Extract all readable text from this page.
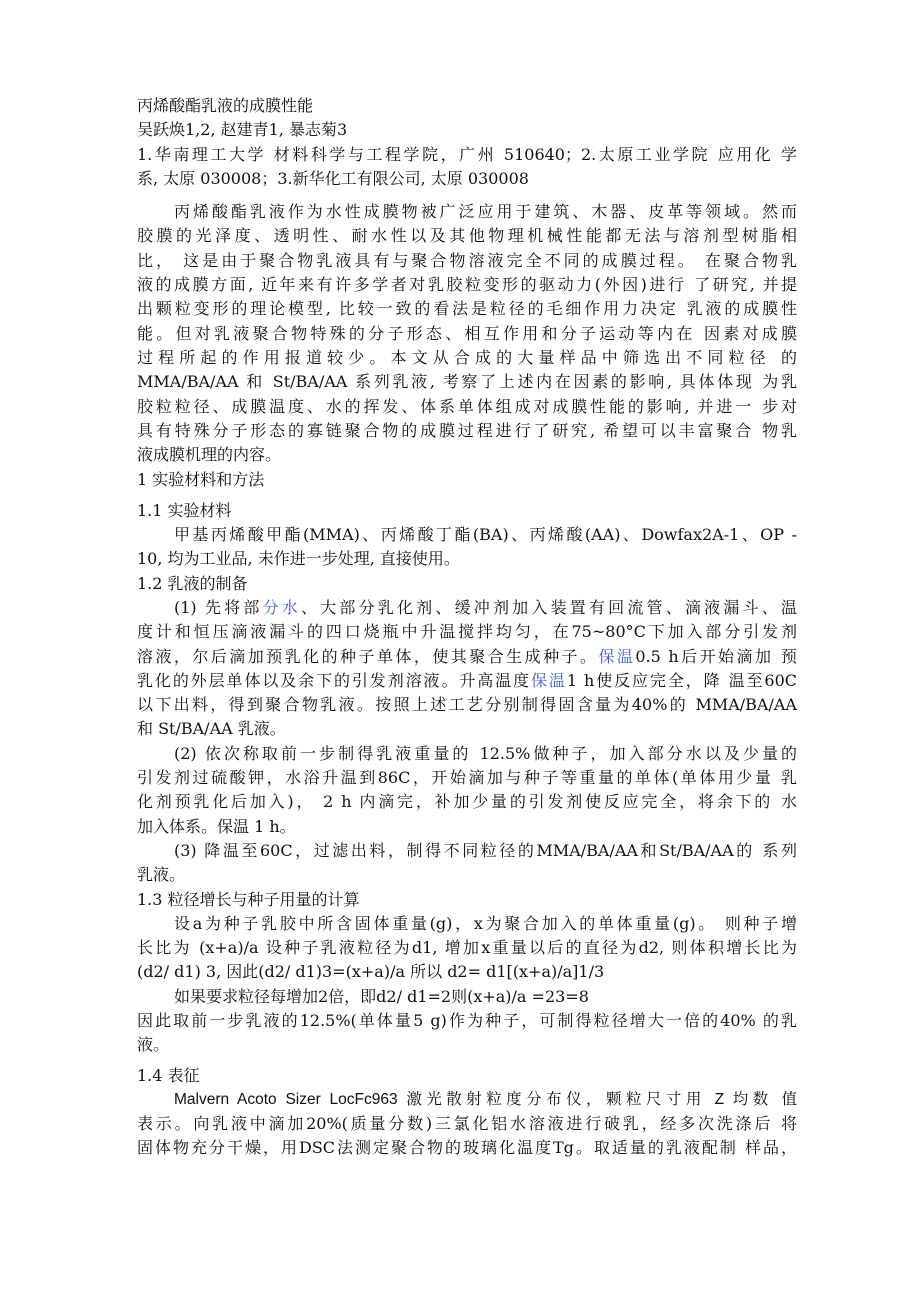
丙烯酸酯乳液的成膜性能

吴跃焕1,2, 赵建青1, 暴志菊3

1.华南理工大学 材料科学与工程学院，广州 510640；2.太原工业学院 应用化 学

系, 太原 030008；3.新华化工有限公司, 太原 030008

丙烯酸酯乳液作为水性成膜物被广泛应用于建筑、木器、皮革等领域。然而

胶膜的光泽度、透明性、耐水性以及其他物理机械性能都无法与溶剂型树脂相

比， 这是由于聚合物乳液具有与聚合物溶液完全不同的成膜过程。 在聚合物乳

液的成膜方面, 近年来有许多学者对乳胶粒变形的驱动力(外因)进行 了研究, 并提

出颗粒变形的理论模型, 比较一致的看法是粒径的毛细作用力决定 乳液的成膜性

能。但对乳液聚合物特殊的分子形态、相互作用和分子运动等内在 因素对成膜

过程所起的作用报道较少。本文从合成的大量样品中筛选出不同粒径 的

MMA/BA/AA 和 St/BA/AA 系列乳液, 考察了上述内在因素的影响, 具体体现 为乳

胶粒粒径、成膜温度、水的挥发、体系单体组成对成膜性能的影响, 并进一 步对

具有特殊分子形态的寡链聚合物的成膜过程进行了研究, 希望可以丰富聚合 物乳

液成膜机理的内容。

1 实验材料和方法

1.1 实验材料

甲基丙烯酸甲酯(MMA)、丙烯酸丁酯(BA)、丙烯酸(AA)、Dowfax2A-1、OP -

10, 均为工业品, 未作进一步处理, 直接使用。

1.2 乳液的制备

(1) 先将部分水、大部分乳化剂、缓冲剂加入装置有回流管、滴液漏斗、温

度计和恒压滴液漏斗的四口烧瓶中升温搅拌均匀，在75~80°C下加入部分引发剂

溶液，尔后滴加预乳化的种子单体，使其聚合生成种子。保温0.5 h后开始滴加 预

乳化的外层单体以及余下的引发剂溶液。升高温度保温1 h使反应完全，降 温至60C

以下出料，得到聚合物乳液。按照上述工艺分别制得固含量为40%的 MMA/BA/AA

和 St/BA/AA 乳液。

(2) 依次称取前一步制得乳液重量的 12.5%做种子，加入部分水以及少量的

引发剂过硫酸钾，水浴升温到86C，开始滴加与种子等重量的单体(单体用少量 乳

化剂预乳化后加入)， 2 h 内滴完，补加少量的引发剂使反应完全，将余下的 水

加入体系。保温 1 h。

(3) 降温至60C，过滤出料，制得不同粒径的MMA/BA/AA和St/BA/AA的 系列

乳液。

1.3 粒径增长与种子用量的计算

设a为种子乳胶中所含固体重量(g)，x为聚合加入的单体重量(g)。 则种子增

长比为 (x+a)/a 设种子乳液粒径为d1, 增加x重量以后的直径为d2, 则体积增长比为

(d2/ d1) 3, 因此(d2/ d1)3=(x+a)/a 所以 d2= d1[(x+a)/a]1/3

如果要求粒径每增加2倍，即d2/ d1=2则(x+a)/a =23=8

因此取前一步乳液的12.5%(单体量5 g)作为种子，可制得粒径增大一倍的40% 的乳

液。

1.4 表征

Malvern Acoto Sizer LocFc963 激光散射粒度分布仪，颗粒尺寸用 Z 均数 值

表示。向乳液中滴加20%(质量分数)三氯化铝水溶液进行破乳，经多次洗涤后 将

固体物充分干燥，用DSC法测定聚合物的玻璃化温度Tg。取适量的乳液配制 样品，
